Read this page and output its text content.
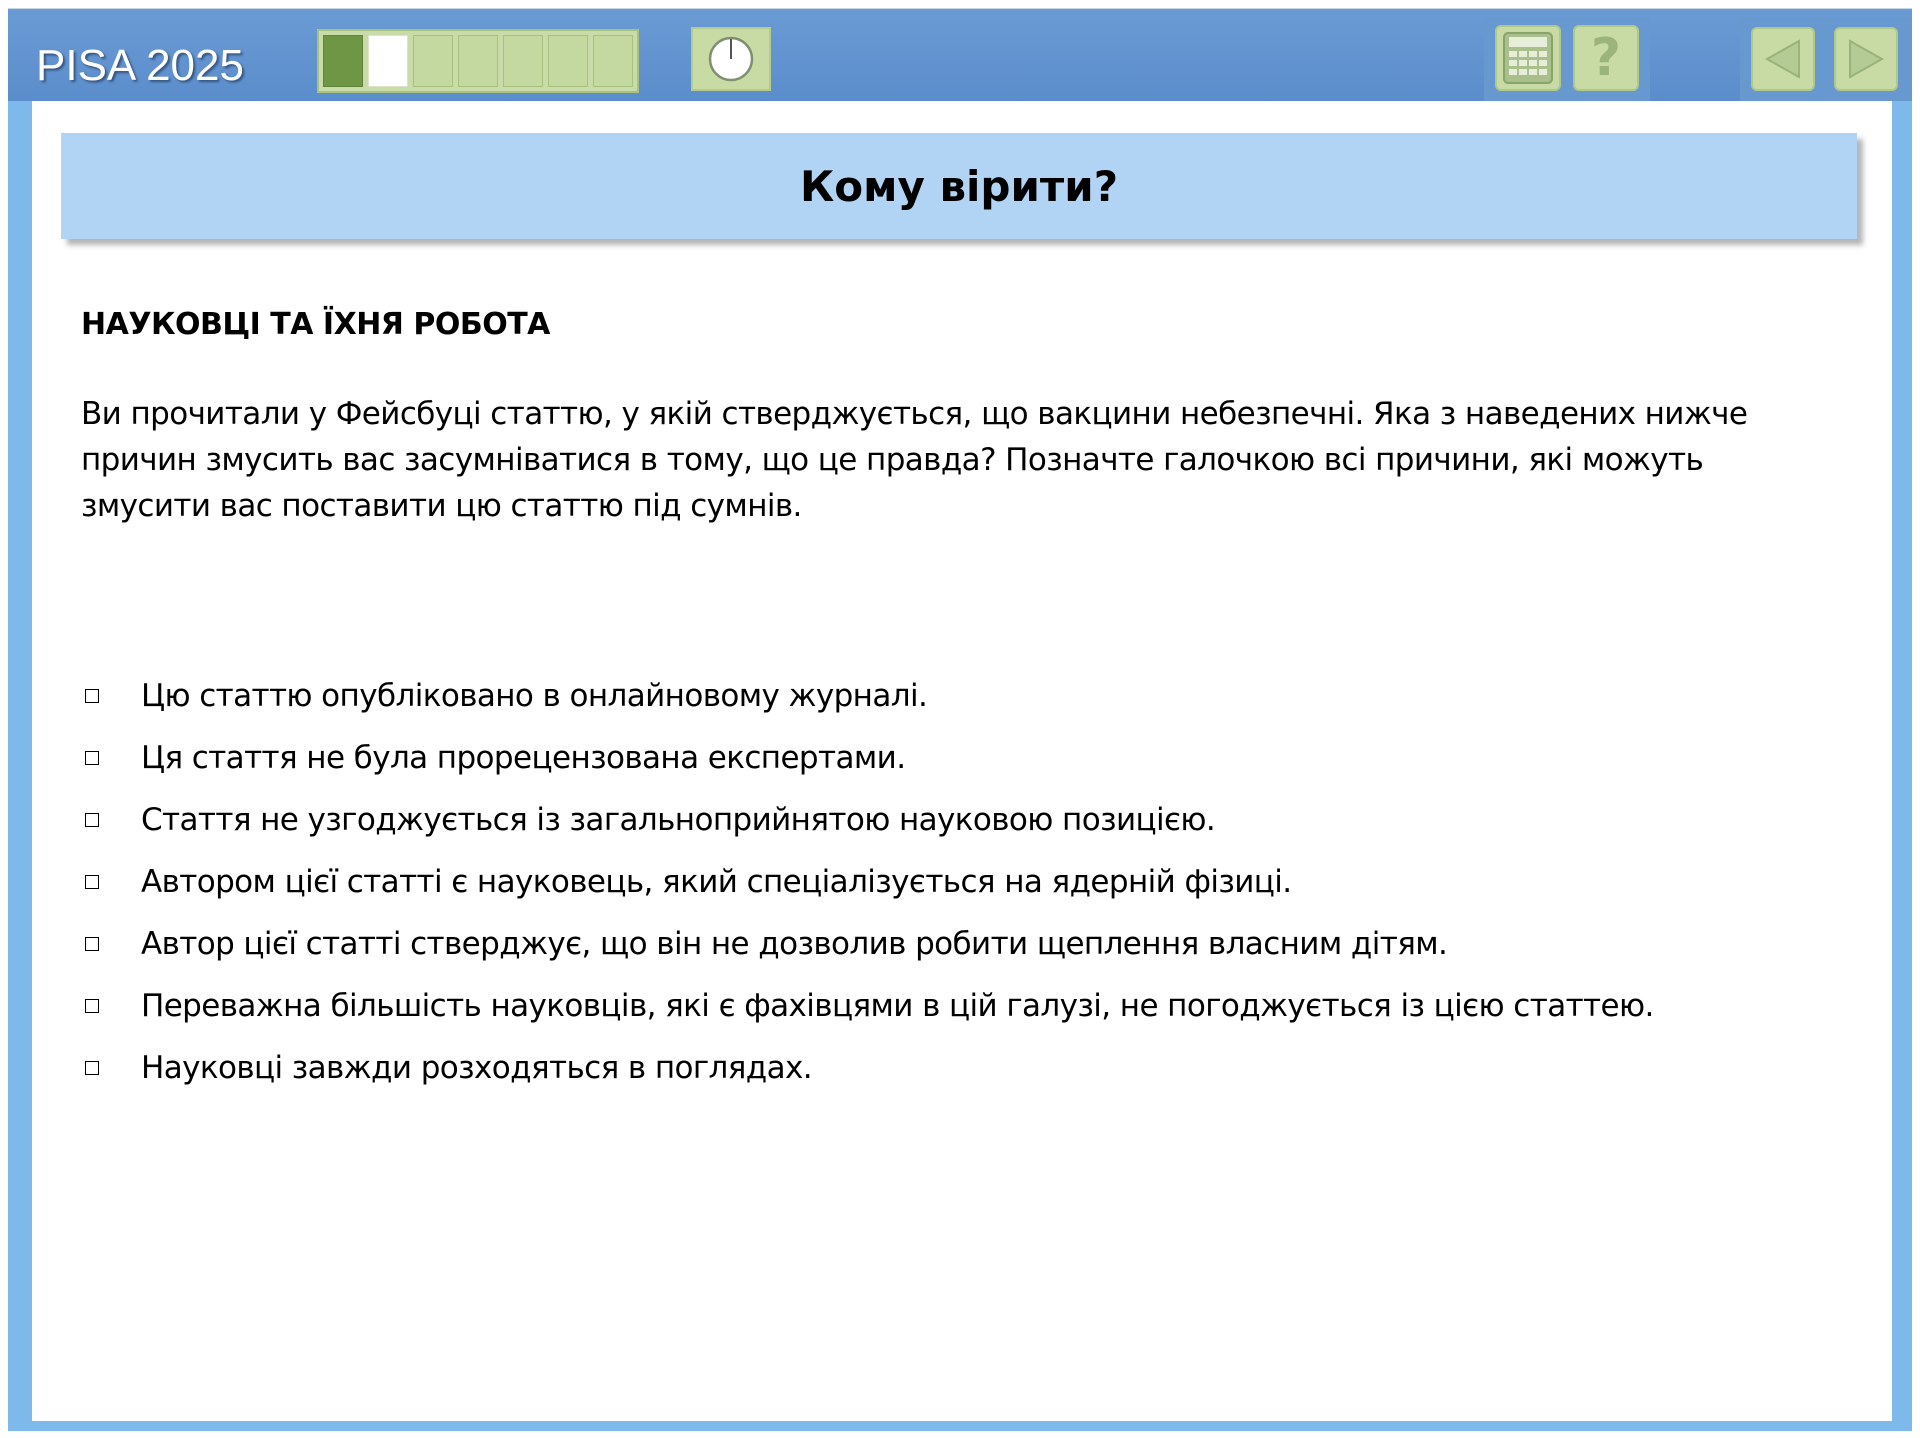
PISA 2025	?
Кому вірити?
НАУКОВЦІ ТА ЇХНЯ РОБОТА
Ви прочитали у Фейсбуці статтю, у якій стверджується, що вакцини небезпечні. Яка з наведених нижче причин змусить вас засумніватися в тому, що це правда? Позначте галочкою всі причини, які можуть змусити вас поставити цю статтю під сумнів.
Цю статтю опубліковано в онлайновому журналі.
Ця стаття не була прорецензована експертами.
Стаття не узгоджується із загальноприйнятою науковою позицією.
Автором цієї статті є науковець, який спеціалізується на ядерній фізиці.
Автор цієї статті стверджує, що він не дозволив робити щеплення власним дітям.
Переважна більшість науковців, які є фахівцями в цій галузі, не погоджується із цією статтею.
Науковці завжди розходяться в поглядах.
